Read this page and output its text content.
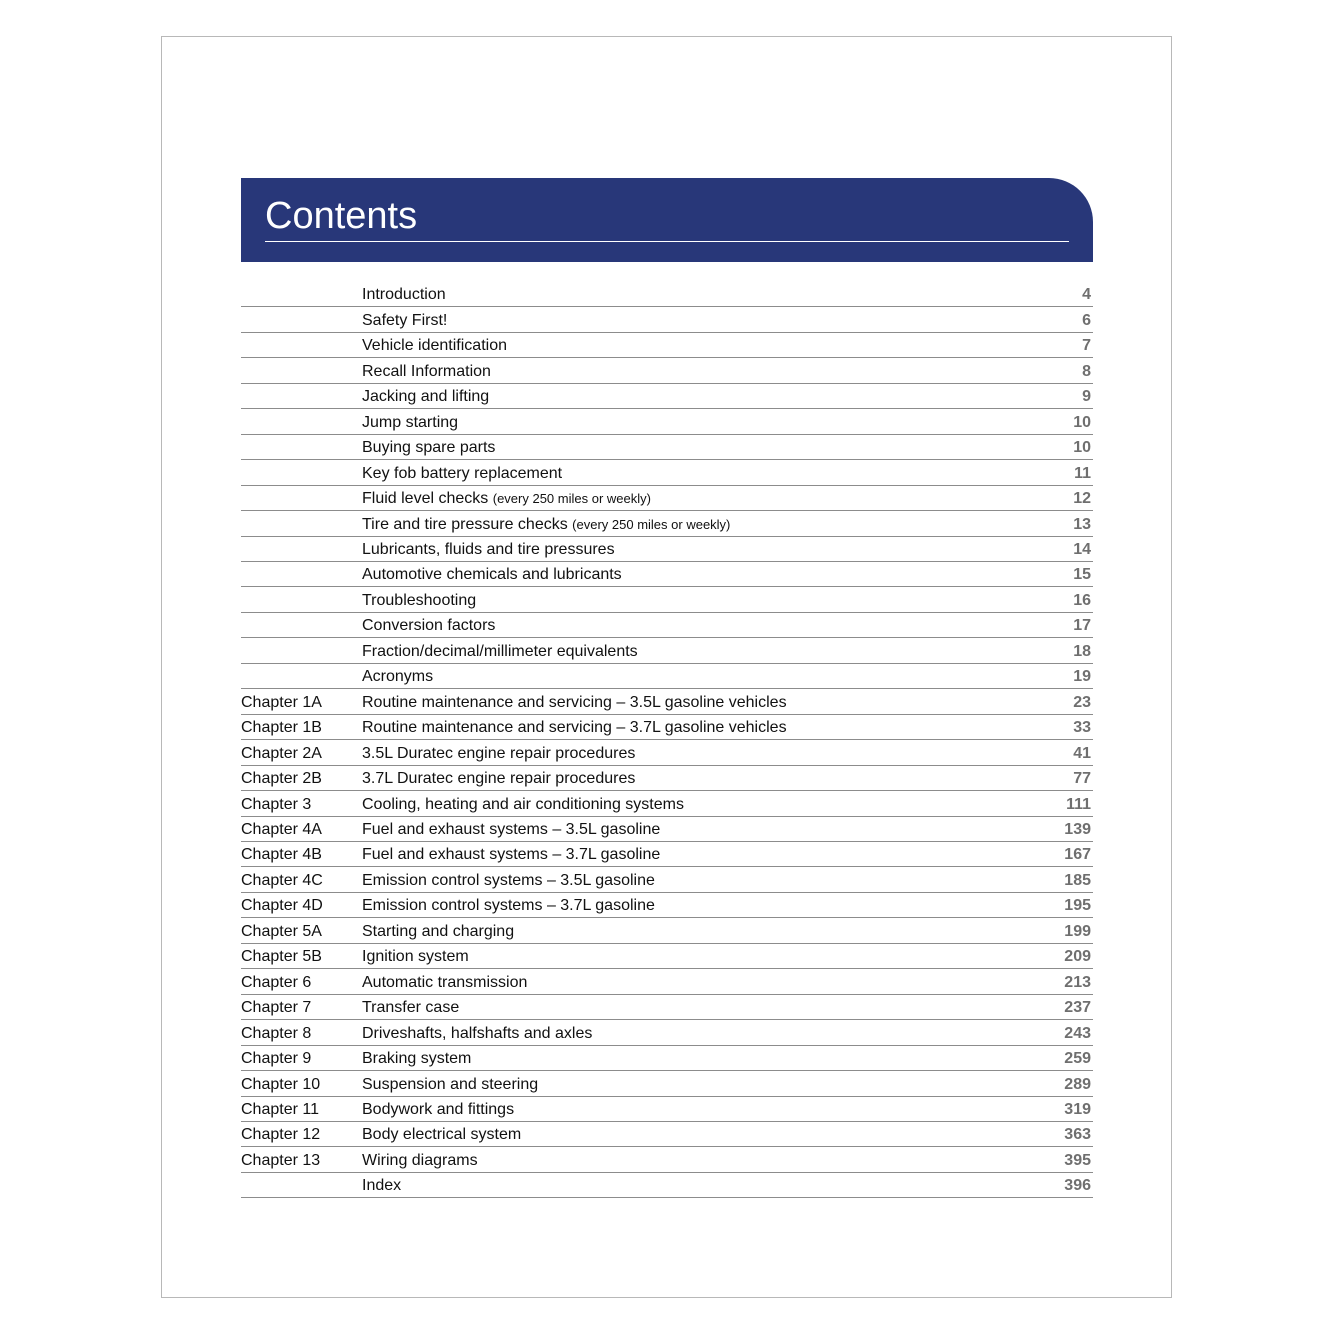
Contents
Introduction	4
Safety First!	6
Vehicle identification	7
Recall Information	8
Jacking and lifting	9
Jump starting	10
Buying spare parts	10
Key fob battery replacement	11
Fluid level checks (every 250 miles or weekly)	12
Tire and tire pressure checks (every 250 miles or weekly)	13
Lubricants, fluids and tire pressures	14
Automotive chemicals and lubricants	15
Troubleshooting	16
Conversion factors	17
Fraction/decimal/millimeter equivalents	18
Acronyms	19
Chapter 1A	Routine maintenance and servicing – 3.5L gasoline vehicles	23
Chapter 1B	Routine maintenance and servicing – 3.7L gasoline vehicles	33
Chapter 2A	3.5L Duratec engine repair procedures	41
Chapter 2B	3.7L Duratec engine repair procedures	77
Chapter 3	Cooling, heating and air conditioning systems	111
Chapter 4A	Fuel and exhaust systems – 3.5L gasoline	139
Chapter 4B	Fuel and exhaust systems – 3.7L gasoline	167
Chapter 4C Emission control systems – 3.5L gasoline	185
Chapter 4D Emission control systems – 3.7L gasoline	195
Chapter 5A	Starting and charging	199
Chapter 5B	Ignition system	209
Chapter 6	Automatic transmission	213
Chapter 7	Transfer case	237
Chapter 8	Driveshafts, halfshafts and axles	243
Chapter 9	Braking system	259
Chapter 10	Suspension and steering	289
Chapter 11	Bodywork and fittings	319
Chapter 12	Body electrical system	363
Chapter 13	Wiring diagrams	395
Index	396
